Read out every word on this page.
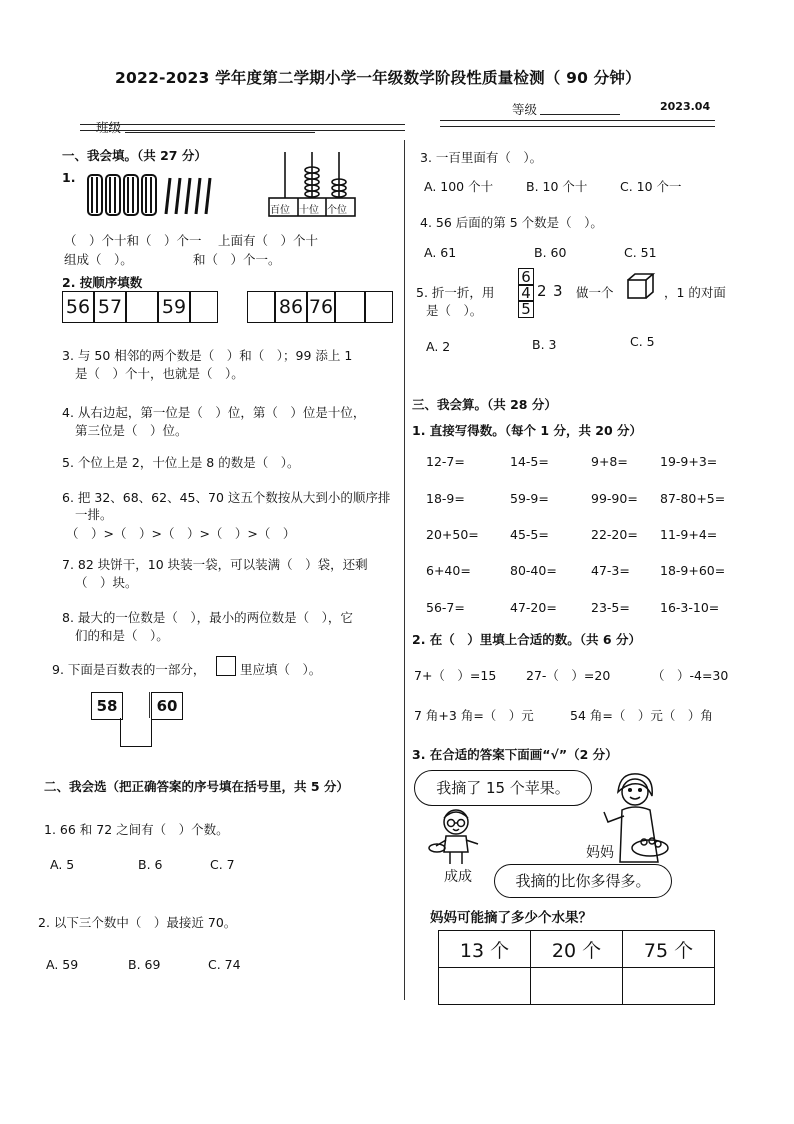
2022-2023 学年度第二学期小学一年级数学阶段性质量检测（ 90 分钟）
班级
等级	2023.04
一、我会填。（共 27 分）
1.
百位 十位 个位
（　）个十和（　）个一　 上面有（　）个十
组成（　）。　　　　　 和（　）个一。
2. 按顺序填数
56 57 59	86 76
3. 与 50 相邻的两个数是（　）和（　）；99 添上 1
是（　）个十，也就是（　）。
4. 从右边起，第一位是（　）位，第（　）位是十位，
第三位是（　）位。
5. 个位上是 2，十位上是 8 的数是（　）。
6. 把 32、68、62、45、70 这五个数按从大到小的顺序排
一排。
（　）>（　）>（　）>（　）>（　）
7. 82 块饼干，10 块装一袋，可以装满（　）袋，还剩
（　）块。
8. 最大的一位数是（　），最小的两位数是（　），它
们的和是（　）。
9. 下面是百数表的一部分，	里应填（　）。
58	60
二、我会选（把正确答案的序号填在括号里，共 5 分）
1. 66 和 72 之间有（　）个数。
A. 5	B. 6	C. 7
2. 以下三个数中（　）最接近 70。
A. 59	B. 69	C. 74
3. 一百里面有（　）。
A. 100 个十	B. 10 个十	C. 10 个一
4. 56 后面的第 5 个数是（　）。
A. 61	B. 60	C. 51
5. 折一折，用
6
4 2 3
5
做一个	，1 的对面
是（　）。
A. 2	B. 3	C. 5
三、我会算。（共 28 分）
1. 直接写得数。（每个 1 分，共 20 分）
12-7=	14-5=	9+8=	19-9+3=
18-9=	59-9=	99-90= 87-80+5=
20+50= 45-5=	22-20= 11-9+4=
6+40=	80-40=	47-3= 18-9+60=
56-7=	47-20=	23-5= 16-3-10=
2. 在（　）里填上合适的数。（共 6 分）
7+（　）=15 27-（　）=20	（　）-4=30
7 角+3 角=（　）元	54 角=（　）元（　）角
3. 在合适的答案下面画“√”（2 分）
我摘了 15 个苹果。
成成
妈妈
我摘的比你多得多。
妈妈可能摘了多少个水果？
13 个	20 个	75 个
